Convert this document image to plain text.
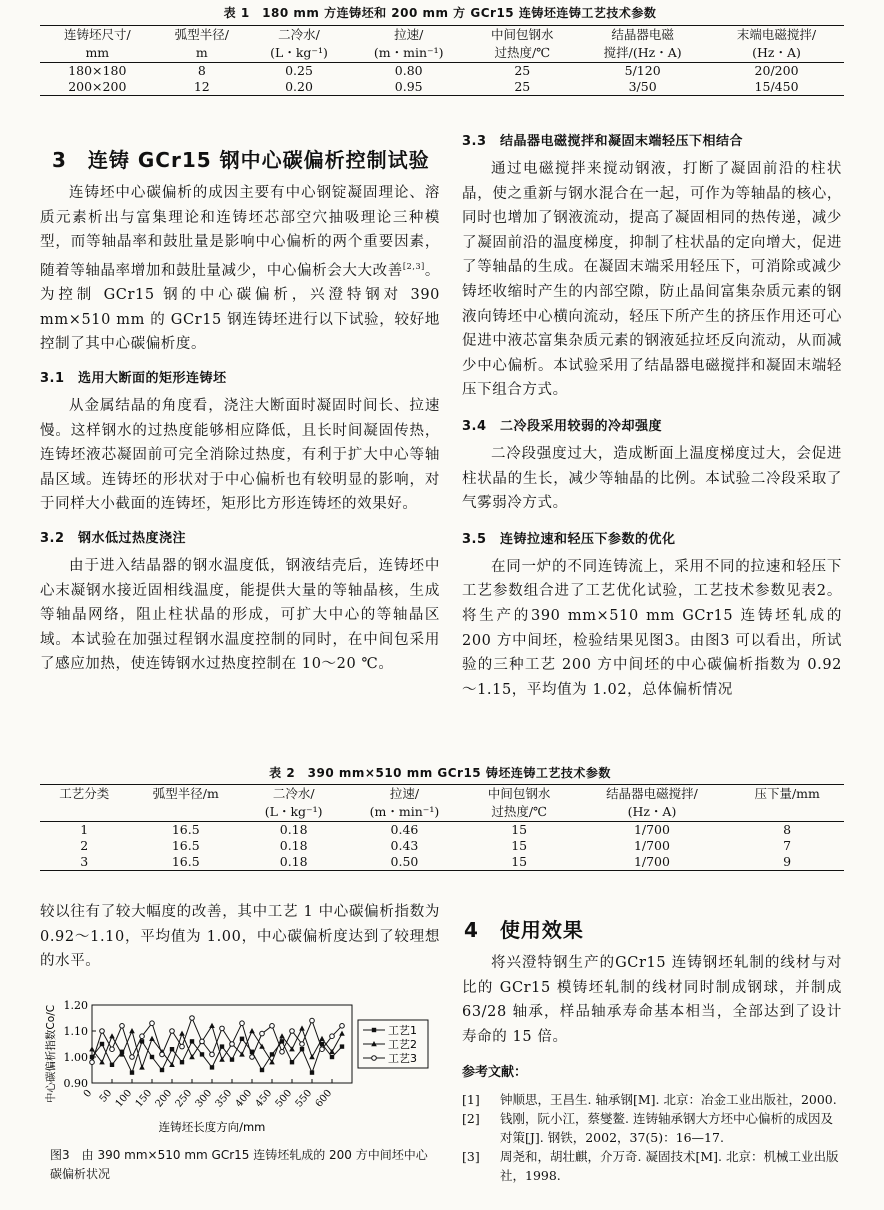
表 1　180 mm 方连铸坯和 200 mm 方 GCr15 连铸坯连铸工艺技术参数
连铸坯尺寸/	弧型半径/	二冷水/	拉速/	中间包钢水	结晶器电磁	末端电磁搅拌/
mm	m	(L・kg⁻¹)	(m・min⁻¹)	过热度/℃	搅拌/(Hz・A)	(Hz・A)
180×180	8	0.25	0.80	25	5/120	20/200
200×200	12	0.20	0.95	25	3/50	15/450
3　连铸 GCr15 钢中心碳偏析控制试验

连铸坯中心碳偏析的成因主要有中心钢锭凝固理论、溶质元素析出与富集理论和连铸坯芯部空穴抽吸理论三种模型，而等轴晶率和鼓肚量是影响中心偏析的两个重要因素，随着等轴晶率增加和鼓肚量减少，中心偏析会大大改善[2,3]。为控制 GCr15 钢的中心碳偏析，兴澄特钢对 390 mm×510 mm 的 GCr15 钢连铸坯进行以下试验，较好地控制了其中心碳偏析度。

3.1　选用大断面的矩形连铸坯

从金属结晶的角度看，浇注大断面时凝固时间长、拉速慢。这样钢水的过热度能够相应降低，且长时间凝固传热，连铸坯液芯凝固前可完全消除过热度，有利于扩大中心等轴晶区域。连铸坯的形状对于中心偏析也有较明显的影响，对于同样大小截面的连铸坯，矩形比方形连铸坯的效果好。

3.2　钢水低过热度浇注

由于进入结晶器的钢水温度低，钢液结壳后，连铸坯中心末凝钢水接近固相线温度，能提供大量的等轴晶核，生成等轴晶网络，阻止柱状晶的形成，可扩大中心的等轴晶区域。本试验在加强过程钢水温度控制的同时，在中间包采用了感应加热，使连铸钢水过热度控制在 10～20 ℃。

3.3　结晶器电磁搅拌和凝固末端轻压下相结合

通过电磁搅拌来搅动钢液，打断了凝固前沿的柱状晶，使之重新与钢水混合在一起，可作为等轴晶的核心，同时也增加了钢液流动，提高了凝固相同的热传递，减少了凝固前沿的温度梯度，抑制了柱状晶的定向增大，促进了等轴晶的生成。在凝固末端采用轻压下，可消除或减少铸坯收缩时产生的内部空隙，防止晶间富集杂质元素的钢液向铸坯中心横向流动，轻压下所产生的挤压作用还可心促进中液芯富集杂质元素的钢液延拉坯反向流动，从而减少中心偏析。本试验采用了结晶器电磁搅拌和凝固末端轻压下组合方式。

3.4　二冷段采用较弱的冷却强度

二冷段强度过大，造成断面上温度梯度过大，会促进柱状晶的生长，减少等轴晶的比例。本试验二冷段采取了气雾弱冷方式。

3.5　连铸拉速和轻压下参数的优化

在同一炉的不同连铸流上，采用不同的拉速和轻压下工艺参数组合进了工艺优化试验，工艺技术参数见表2。将生产的390 mm×510 mm GCr15 连铸坯轧成的200 方中间坯，检验结果见图3。由图3 可以看出，所试验的三种工艺 200 方中间坯的中心碳偏析指数为 0.92～1.15，平均值为 1.02，总体偏析情况

表 2　390 mm×510 mm GCr15 铸坯连铸工艺技术参数
工艺分类	弧型半径/m	二冷水/	拉速/	中间包钢水	结晶器电磁搅拌/	压下量/mm
		(L・kg⁻¹)	(m・min⁻¹)	过热度/℃	(Hz・A)	
1	16.5	0.18	0.46	15	1/700	8
2	16.5	0.18	0.43	15	1/700	7
3	16.5	0.18	0.50	15	1/700	9

较以往有了较大幅度的改善，其中工艺 1 中心碳偏析指数为 0.92～1.10，平均值为 1.00，中心碳偏析度达到了较理想的水平。

0.90
1.00
1.10
1.20
0 50 100 150 200 250 300 350 400 450 500 550 600
连铸坯长度方向/mm
中心碳偏析指数Co/C	工艺1
工艺2
工艺3
图3　由 390 mm×510 mm GCr15 连铸坯轧成的 200 方中间坯中心碳偏析状况
4　使用效果

将兴澄特钢生产的GCr15 连铸钢坯轧制的线材与对比的 GCr15 模铸坯轧制的线材同时制成钢球，并制成63/28 轴承，样品轴承寿命基本相当，全部达到了设计寿命的 15 倍。

参考文献：
[1]	钟顺思，王昌生. 轴承钢[M]. 北京：冶金工业出版社，2000.
[2]	钱刚，阮小江，蔡燮鳌. 连铸轴承钢大方坯中心偏析的成因及对策[J]. 钢铁，2002，37(5)：16—17.
[3]	周尧和，胡壮麒，介万奇. 凝固技术[M]. 北京：机械工业出版社，1998.
